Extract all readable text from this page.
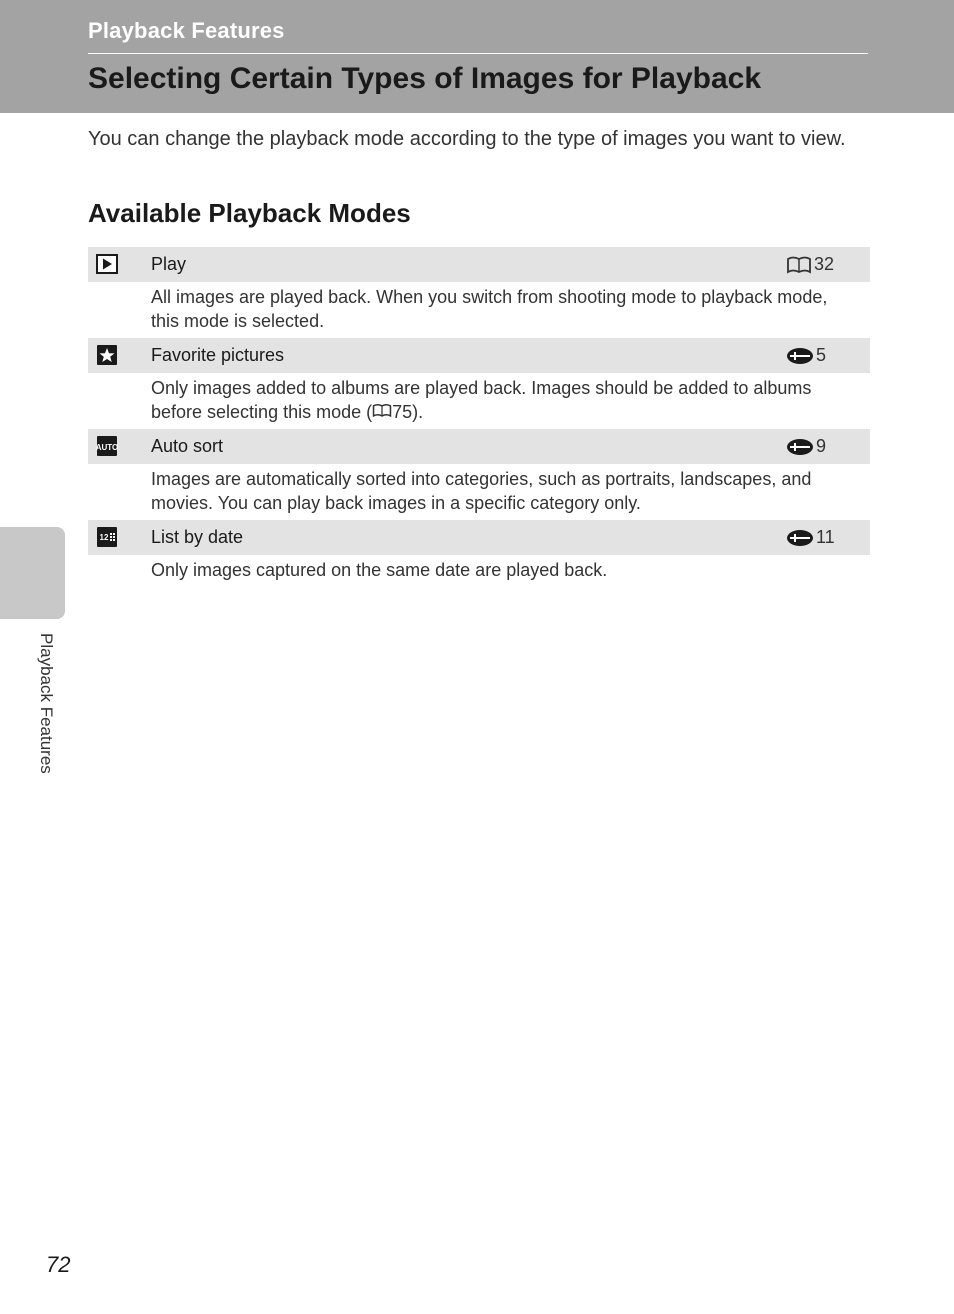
Playback Features
Selecting Certain Types of Images for Playback
You can change the playback mode according to the type of images you want to view.
Available Playback Modes
Play	32
All images are played back. When you switch from shooting mode to playback mode, this mode is selected.
Favorite pictures	5
Only images added to albums are played back. Images should be added to albums before selecting this mode ( 75).
AUTO Auto sort	9
Images are automatically sorted into categories, such as portraits, landscapes, and movies. You can play back images in a specific category only.
12 List by date	11
Only images captured on the same date are played back.
Playback Features
72
